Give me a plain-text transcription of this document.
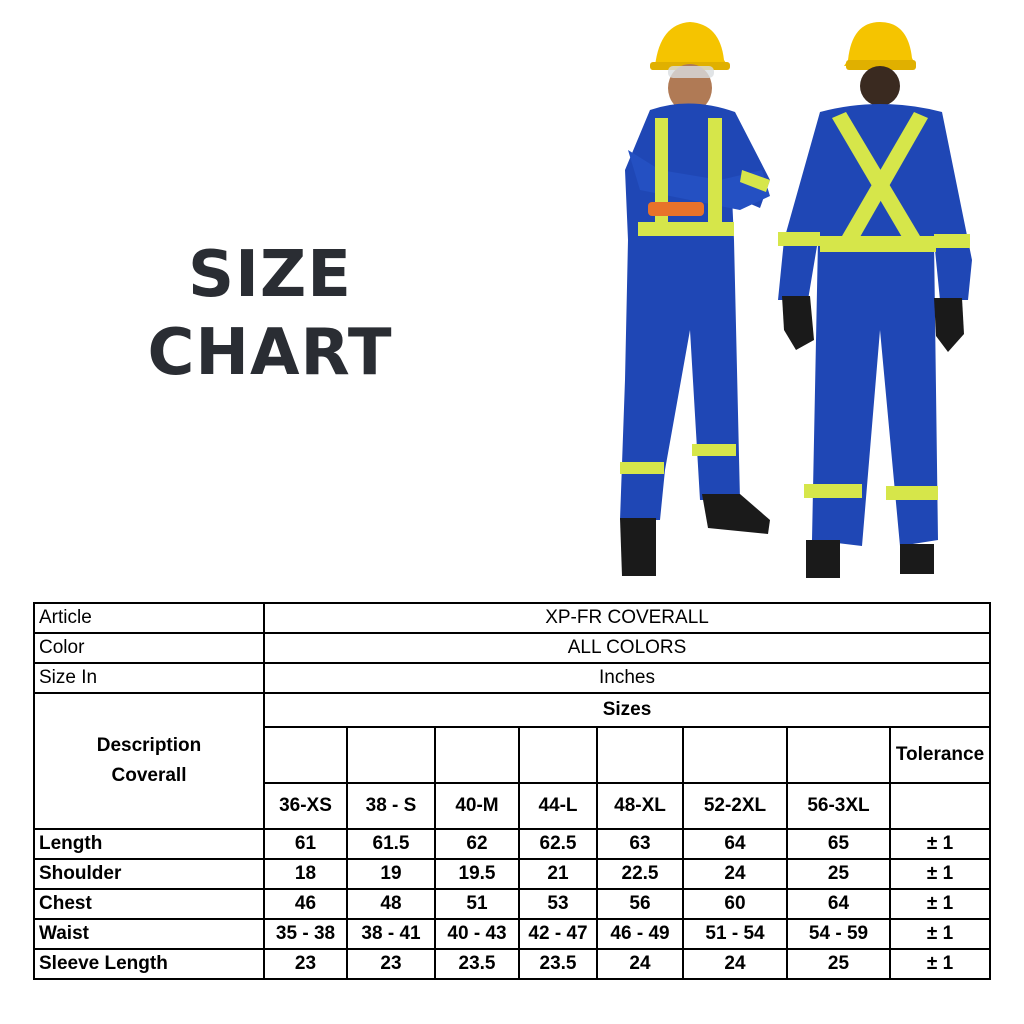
SIZE
CHART
Article	XP-FR COVERALL							
Color	ALL COLORS							
Size In	Inches							
Description
Coverall	Sizes							
								Tolerance
	36-XS	38 - S	40-M	44-L	48-XL	52-2XL	56-3XL	
Length	61	61.5	62	62.5	63	64	65	± 1
Shoulder	18	19	19.5	21	22.5	24	25	± 1
Chest	46	48	51	53	56	60	64	± 1
Waist	35 - 38	38 - 41	40 - 43	42 - 47	46 - 49	51 - 54	54 - 59	± 1
Sleeve Length	23	23	23.5	23.5	24	24	25	± 1
